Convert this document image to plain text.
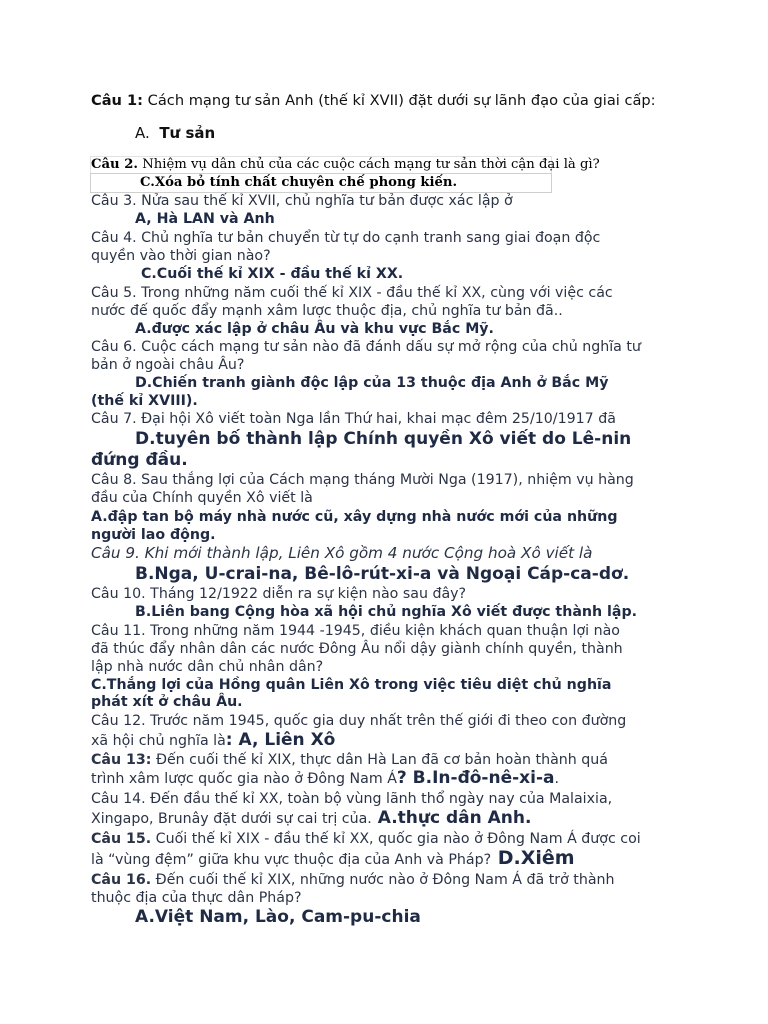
Câu 1: Cách mạng tư sản Anh (thế kỉ XVII) đặt dưới sự lãnh đạo của giai cấp:

A. Tư sản

Câu 2. Nhiệm vụ dân chủ của các cuộc cách mạng tư sản thời cận đại là gì?

C.Xóa bỏ tính chất chuyên chế phong kiến.

Câu 3. Nửa sau thế kỉ XVII, chủ nghĩa tư bản được xác lập ở

A, Hà LAN và Anh

Câu 4. Chủ nghĩa tư bản chuyển từ tự do cạnh tranh sang giai đoạn độc

quyền vào thời gian nào?

C.Cuối thế kỉ XIX - đầu thế kỉ XX.

Câu 5. Trong những năm cuối thế kỉ XIX - đầu thế kỉ XX, cùng với việc các

nước đế quốc đẩy mạnh xâm lược thuộc địa, chủ nghĩa tư bản đã..

A.được xác lập ở châu Âu và khu vực Bắc Mỹ.

Câu 6. Cuộc cách mạng tư sản nào đã đánh dấu sự mở rộng của chủ nghĩa tư

bản ở ngoài châu Âu?

D.Chiến tranh giành độc lập của 13 thuộc địa Anh ở Bắc Mỹ

(thế kỉ XVIII).

Câu 7. Đại hội Xô viết toàn Nga lần Thứ hai, khai mạc đêm 25/10/1917 đã

D.tuyên bố thành lập Chính quyền Xô viết do Lê-nin

đứng đầu.

Câu 8. Sau thắng lợi của Cách mạng tháng Mười Nga (1917), nhiệm vụ hàng

đầu của Chính quyền Xô viết là

A.đập tan bộ máy nhà nước cũ, xây dựng nhà nước mới của những

người lao động.

Câu 9. Khi mới thành lập, Liên Xô gồm 4 nước Cộng hoà Xô viết là

B.Nga, U-crai-na, Bê-lô-rút-xi-a và Ngoại Cáp-ca-dơ.

Câu 10. Tháng 12/1922 diễn ra sự kiện nào sau đây?

B.Liên bang Cộng hòa xã hội chủ nghĩa Xô viết được thành lập.

Câu 11. Trong những năm 1944 -1945, điều kiện khách quan thuận lợi nào

đã thúc đẩy nhân dân các nước Đông Âu nổi dậy giành chính quyền, thành

lập nhà nước dân chủ nhân dân?

C.Thắng lợi của Hồng quân Liên Xô trong việc tiêu diệt chủ nghĩa

phát xít ở châu Âu.

Câu 12. Trước năm 1945, quốc gia duy nhất trên thế giới đi theo con đường

xã hội chủ nghĩa là: A, Liên Xô

Câu 13: Đến cuối thế kỉ XIX, thực dân Hà Lan đã cơ bản hoàn thành quá

trình xâm lược quốc gia nào ở Đông Nam Á? B.In-đô-nê-xi-a.

Câu 14. Đến đầu thế kỉ XX, toàn bộ vùng lãnh thổ ngày nay của Malaixia,

Xingapo, Brunây đặt dưới sự cai trị của. A.thực dân Anh.

Câu 15. Cuối thế kỉ XIX - đầu thế kỉ XX, quốc gia nào ở Đông Nam Á được coi

là “vùng đệm” giữa khu vực thuộc địa của Anh và Pháp? D.Xiêm

Câu 16. Đến cuối thế kỉ XIX, những nước nào ở Đông Nam Á đã trở thành

thuộc địa của thực dân Pháp?

A.Việt Nam, Lào, Cam-pu-chia
